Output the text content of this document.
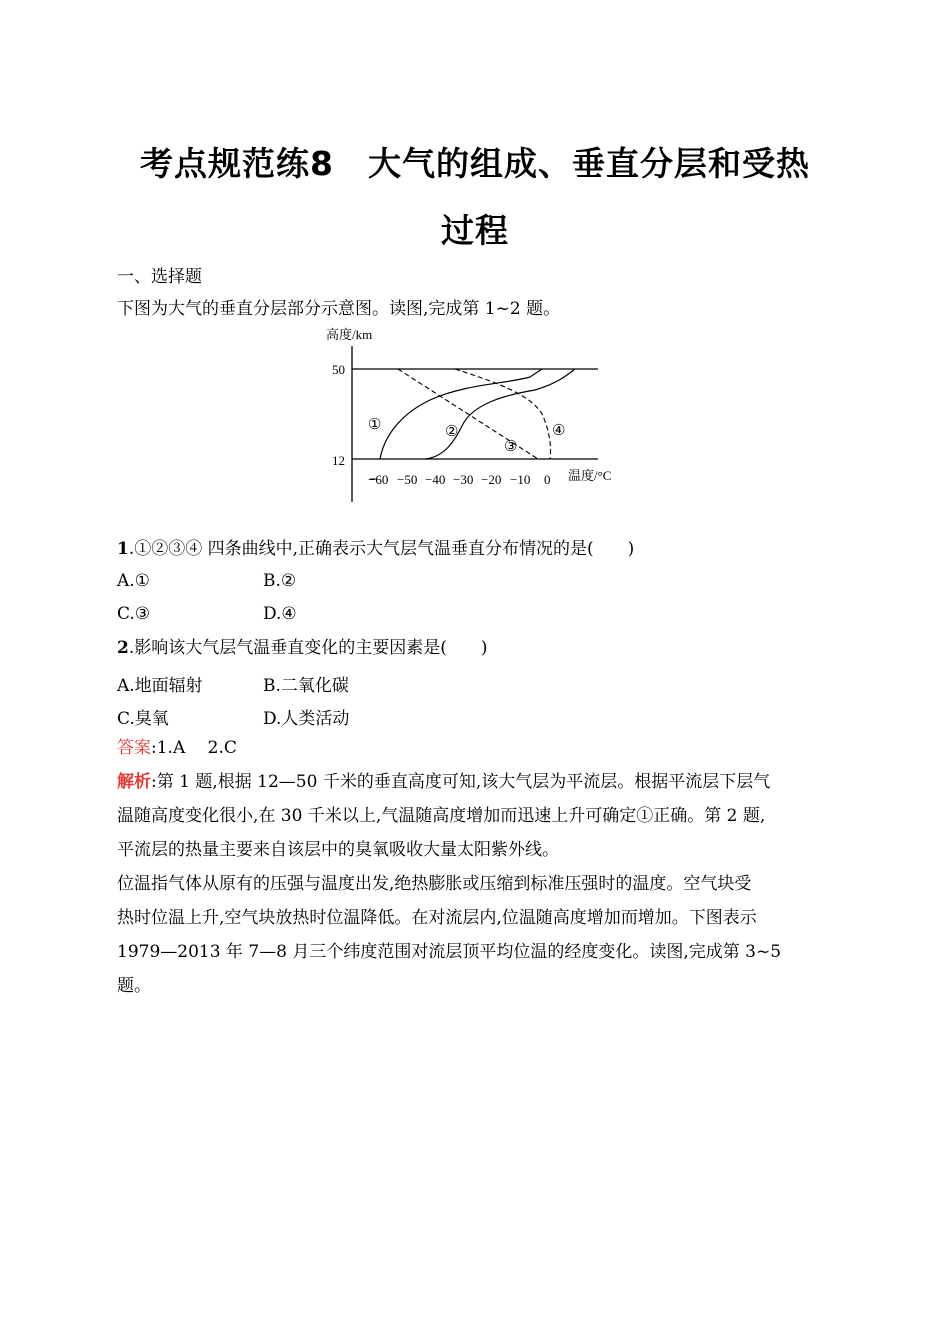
考点规范练8　大气的组成、垂直分层和受热
过程
一、选择题
下图为大气的垂直分层部分示意图。读图,完成第 1~2 题。
高度/km
50
12
①	②
③
④
−60 −50 −40 −30 −20 −10 0 温度/°C
1.①②③④ 四条曲线中,正确表示大气层气温垂直分布情况的是(　　)
A.①	B.②
C.③	D.④
2.影响该大气层气温垂直变化的主要因素是(　　)
A.地面辐射	B.二氧化碳
C.臭氧	D.人类活动
答案:1.A　 2.C
解析:第 1 题,根据 12—50 千米的垂直高度可知,该大气层为平流层。根据平流层下层气
温随高度变化很小,在 30 千米以上,气温随高度增加而迅速上升可确定①正确。第 2 题,
平流层的热量主要来自该层中的臭氧吸收大量太阳紫外线。
位温指气体从原有的压强与温度出发,绝热膨胀或压缩到标准压强时的温度。空气块受
热时位温上升,空气块放热时位温降低。在对流层内,位温随高度增加而增加。下图表示
1979—2013 年 7—8 月三个纬度范围对流层顶平均位温的经度变化。读图,完成第 3~5
题。
